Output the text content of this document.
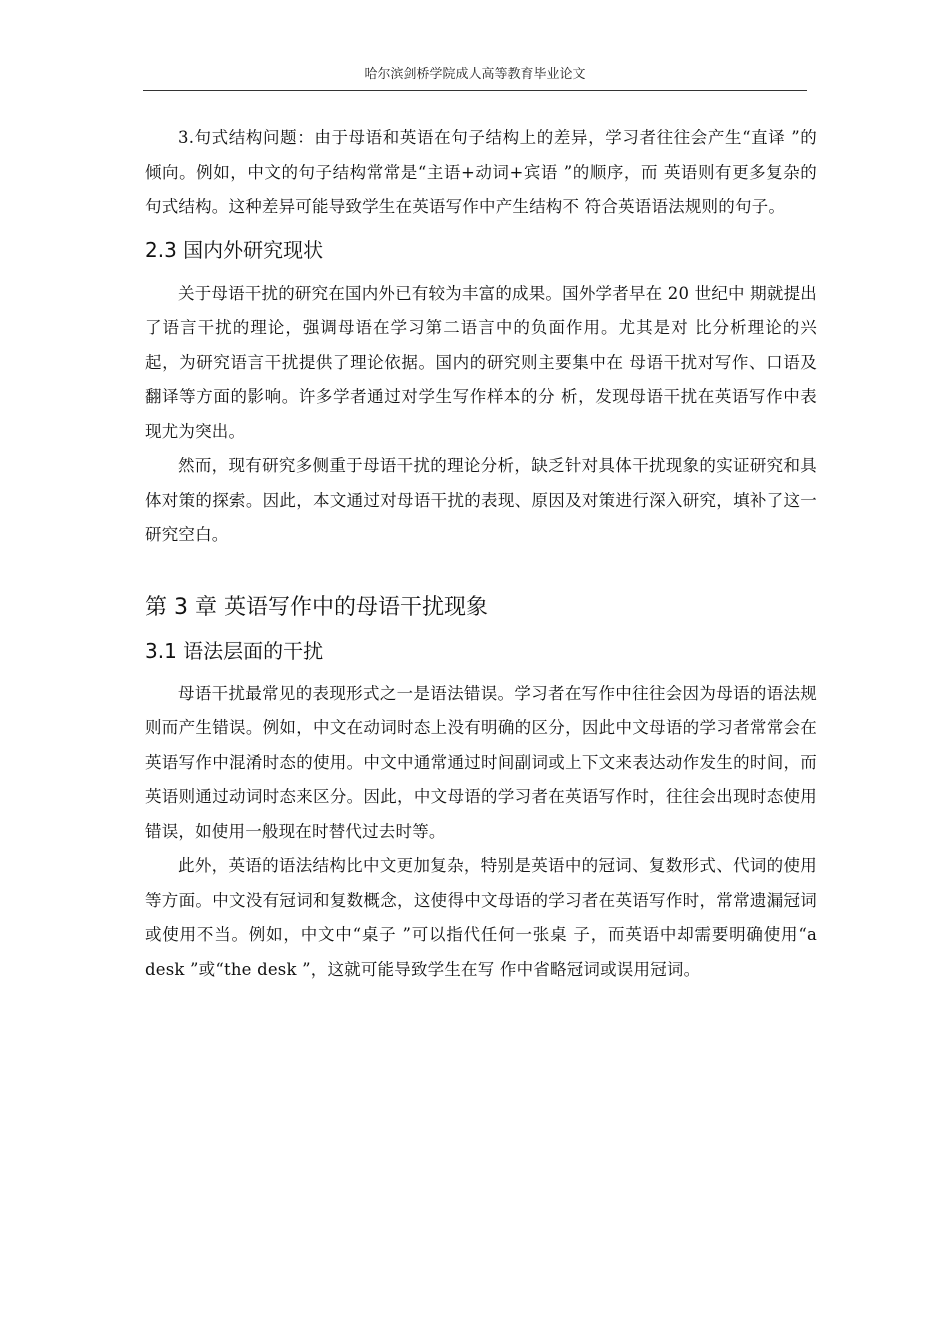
哈尔滨剑桥学院成人高等教育毕业论文

3.句式结构问题：由于母语和英语在句子结构上的差异，学习者往往会产生“直译 ”的倾向。例如，中文的句子结构常常是“主语+动词+宾语 ”的顺序，而 英语则有更多复杂的句式结构。这种差异可能导致学生在英语写作中产生结构不 符合英语语法规则的句子。

2.3 国内外研究现状

关于母语干扰的研究在国内外已有较为丰富的成果。国外学者早在 20 世纪中 期就提出了语言干扰的理论，强调母语在学习第二语言中的负面作用。尤其是对 比分析理论的兴起，为研究语言干扰提供了理论依据。国内的研究则主要集中在 母语干扰对写作、口语及翻译等方面的影响。许多学者通过对学生写作样本的分 析，发现母语干扰在英语写作中表现尤为突出。

然而，现有研究多侧重于母语干扰的理论分析，缺乏针对具体干扰现象的实证研究和具体对策的探索。因此，本文通过对母语干扰的表现、原因及对策进行深入研究，填补了这一研究空白。

第 3 章 英语写作中的母语干扰现象
3.1 语法层面的干扰

母语干扰最常见的表现形式之一是语法错误。学习者在写作中往往会因为母语的语法规则而产生错误。例如，中文在动词时态上没有明确的区分，因此中文母语的学习者常常会在英语写作中混淆时态的使用。中文中通常通过时间副词或上下文来表达动作发生的时间，而英语则通过动词时态来区分。因此，中文母语的学习者在英语写作时，往往会出现时态使用错误，如使用一般现在时替代过去时等。

此外，英语的语法结构比中文更加复杂，特别是英语中的冠词、复数形式、代词的使用等方面。中文没有冠词和复数概念，这使得中文母语的学习者在英语写作时，常常遗漏冠词或使用不当。例如，中文中“桌子 ”可以指代任何一张桌 子，而英语中却需要明确使用“a desk ”或“the desk ”，这就可能导致学生在写 作中省略冠词或误用冠词。
